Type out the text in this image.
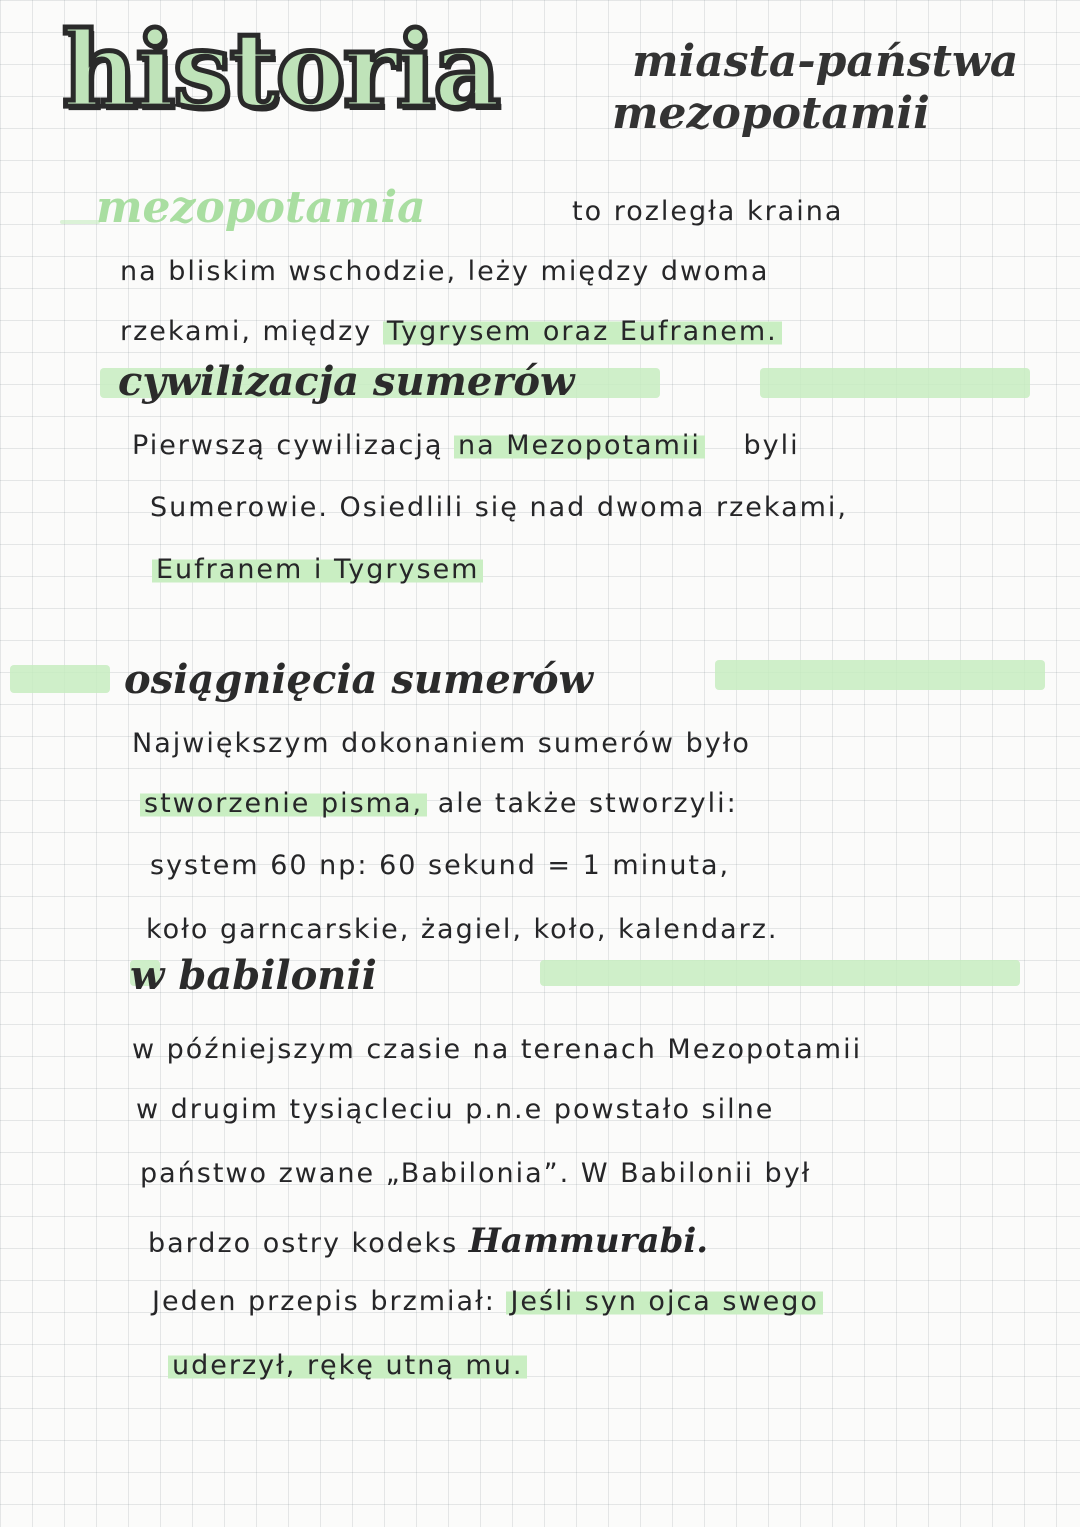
historia	miasta-państwa
mezopotamii
mezopotamia	to rozległa kraina
na bliskim wschodzie, leży między dwoma
rzekami, między Tygrysem oraz Eufranem.
cywilizacja sumerów
Pierwszą cywilizacją na Mezopotamii byli
Sumerowie. Osiedlili się nad dwoma rzekami,
Eufranem i Tygrysem
osiągnięcia sumerów
Największym dokonaniem sumerów było
stworzenie pisma, ale także stworzyli:
system 60 np: 60 sekund = 1 minuta,
koło garncarskie, żagiel, koło, kalendarz.
w babilonii
w późniejszym czasie na terenach Mezopotamii
w drugim tysiącleciu p.n.e powstało silne
państwo zwane „Babilonia”. W Babilonii był
bardzo ostry kodeks Hammurabi.
Jeden przepis brzmiał: Jeśli syn ojca swego
uderzył, rękę utną mu.
